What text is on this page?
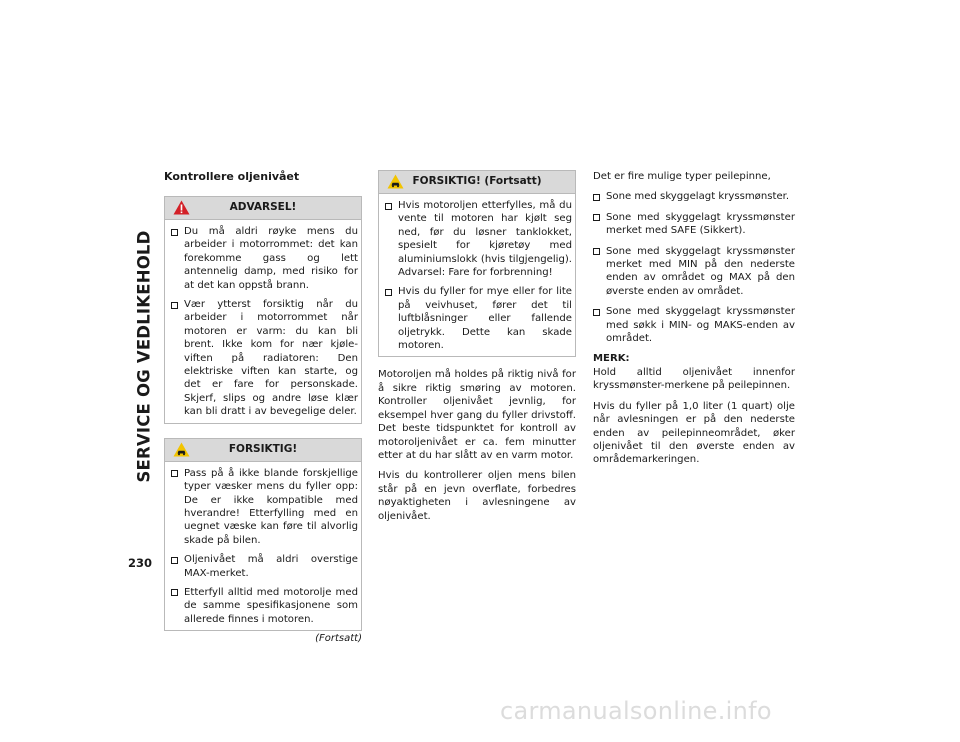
SERVICE OG VEDLIKEHOLD
230
Kontrollere oljenivået
ADVARSEL!
Du må aldri røyke mens du arbeider i motorrommet: det kan forekomme gass og lett antennelig damp, med risiko for at det kan oppstå brann.
Vær ytterst forsiktig når du arbeider i motorrommet når motoren er varm: du kan bli brent. Ikke kom for nær kjøle-viften på radiatoren: Den elektriske viften kan starte, og det er fare for personskade. Skjerf, slips og andre løse klær kan bli dratt i av bevegelige deler.
FORSIKTIG!
Pass på å ikke blande forskjellige typer væsker mens du fyller opp: De er ikke kompatible med hverandre! Etterfylling med en uegnet væske kan føre til alvorlig skade på bilen.
Oljenivået må aldri overstige MAX-merket.
Etterfyll alltid med motorolje med de samme spesifikasjonene som allerede finnes i motoren.
(Fortsatt)
FORSIKTIG! (Fortsatt)
Hvis motoroljen etterfylles, må du vente til motoren har kjølt seg ned, før du løsner tanklokket, spesielt for kjøretøy med aluminiumslokk (hvis tilgjengelig). Advarsel: Fare for forbrenning!
Hvis du fyller for mye eller for lite på veivhuset, fører det til luftblåsninger eller fallende oljetrykk. Dette kan skade motoren.

Motoroljen må holdes på riktig nivå for å sikre riktig smøring av motoren. Kontroller oljenivået jevnlig, for eksempel hver gang du fyller drivstoff. Det beste tidspunktet for kontroll av motoroljenivået er ca. fem minutter etter at du har slått av en varm motor.

Hvis du kontrollerer oljen mens bilen står på en jevn overflate, forbedres nøyaktigheten i avlesningene av oljenivået.

Det er fire mulige typer peilepinne,

Sone med skyggelagt kryssmønster.
Sone med skyggelagt kryssmønster merket med SAFE (Sikkert).
Sone med skyggelagt kryssmønster merket med MIN på den nederste enden av området og MAX på den øverste enden av området.
Sone med skyggelagt kryssmønster med søkk i MIN- og MAKS-enden av området.
MERK:

Hold alltid oljenivået innenfor kryssmønster-merkene på peilepinnen.

Hvis du fyller på 1,0 liter (1 quart) olje når avlesningen er på den nederste enden av peilepinneområdet, øker oljenivået til den øverste enden av områdemarkeringen.

carmanualsonline.info
